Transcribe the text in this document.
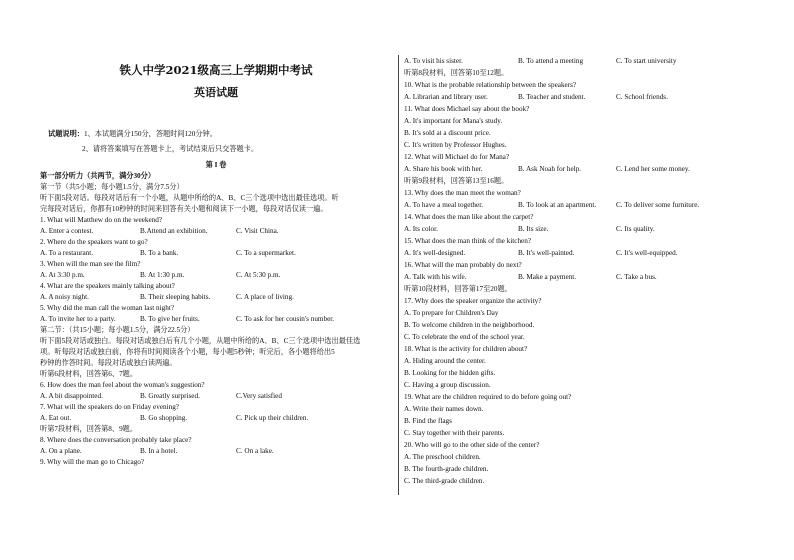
铁人中学2021级高三上学期期中考试
英语试题
试题说明：1、本试题满分150分，答题时间120分钟。
2、请将答案填写在答题卡上，考试结束后只交答题卡。
第 I 卷
第一部分听力（共两节，满分30分）
第一节（共5小题；每小题1.5分，满分7.5分）
听下面5段对话。每段对话后有一个小题，从题中所给的A、B、C三个选项中选出最佳选项。听
完每段对话后，你都有10秒钟的时间来回答有关小题和阅读下一小题，每段对话仅读一遍。
1. What will Matthew do on the weekend?
A. Enter a contest.	B.Attend an exhibition.	C. Visit China.
2. Where do the speakers want to go?
A. To a restaurant.	B. To a bank.	C. To a supermarket.
3. When will the man see the film?
A. At 3:30 p.m.	B. At 1:30 p.m.	C. At 5:30 p.m.
4. What are the speakers mainly talking about?
A. A noisy night.	B. Their sleeping habits.	C. A place of living.
5. Why did the man call the woman last night?
A. To invite her to a party.	B. To give her fruits.	C. To ask for her cousin's number.
第二节：（共15小题；每小题1.5分，满分22.5分）
听下面5段对话或独白。每段对话或独白后有几个小题，从题中所给的A、B、C三个选项中选出最佳选
项。听每段对话或独白前，你将有时间阅读各个小题，每小题5秒钟；听完后，各小题将给出5
秒钟的作答时间。每段对话或独白读两遍。
听第6段材料，回答第6、7题。
6. How does the man feel about the woman's suggestion?
A. A bit disappointed.	B. Greatly surprised.	C.Very satisfied
7. What will the speakers do on Friday evening?
A. Eat out.	B. Go shopping.	C. Pick up their children.
听第7段材料，回答第8、9题。
8. Where does the conversation probably take place?
A. On a plane.	B. In a hotel.	C. On a lake.
9. Why will the man go to Chicago?
A. To visit his sister.	B. To attend a meeting	C. To start university
听第8段材料，回答第10至12题。
10. What is the probable relationship between the speakers?
A. Librarian and library user.	B. Teacher and student.	C. School friends.
11. What does Michael say about the book?
A. It's important for Mana's study.
B. It's sold at a discount price.
C. It's written by Professor Hughes.
12. What will Michael do for Mana?
A. Share his book with her.	B. Ask Noah for help.	C. Lend her some money.
听第9段材料，回答第13至16题。
13. Why does the man meet the woman?
A. To have a meal together.	B. To look at an apartment.	C. To deliver some furniture.
14. What does the man like about the carpet?
A. Its color.	B. Its size.	C. Its quality.
15. What does the man think of the kitchen?
A. It's well-designed.	B. It's well-painted.	C. It's well-equipped.
16. What will the man probably do next?
A. Talk with his wife.	B. Make a payment.	C. Take a bus.
听第10段材料，回答第17至20题。
17. Why does the speaker organize the activity?
A. To prepare for Children's Day
B. To welcome children in the neighborhood.
C. To celebrate the end of the school year.
18. What is the activity for children about?
A. Hiding around the center.
B. Looking for the hidden gifts.
C. Having a group discussion.
19. What are the children required to do before going out?
A. Write their names down.
B. Find the flags
C. Stay together with their parents.
20. Who will go to the other side of the center?
A. The preschool children.
B. The fourth-grade children.
C. The third-grade children.
